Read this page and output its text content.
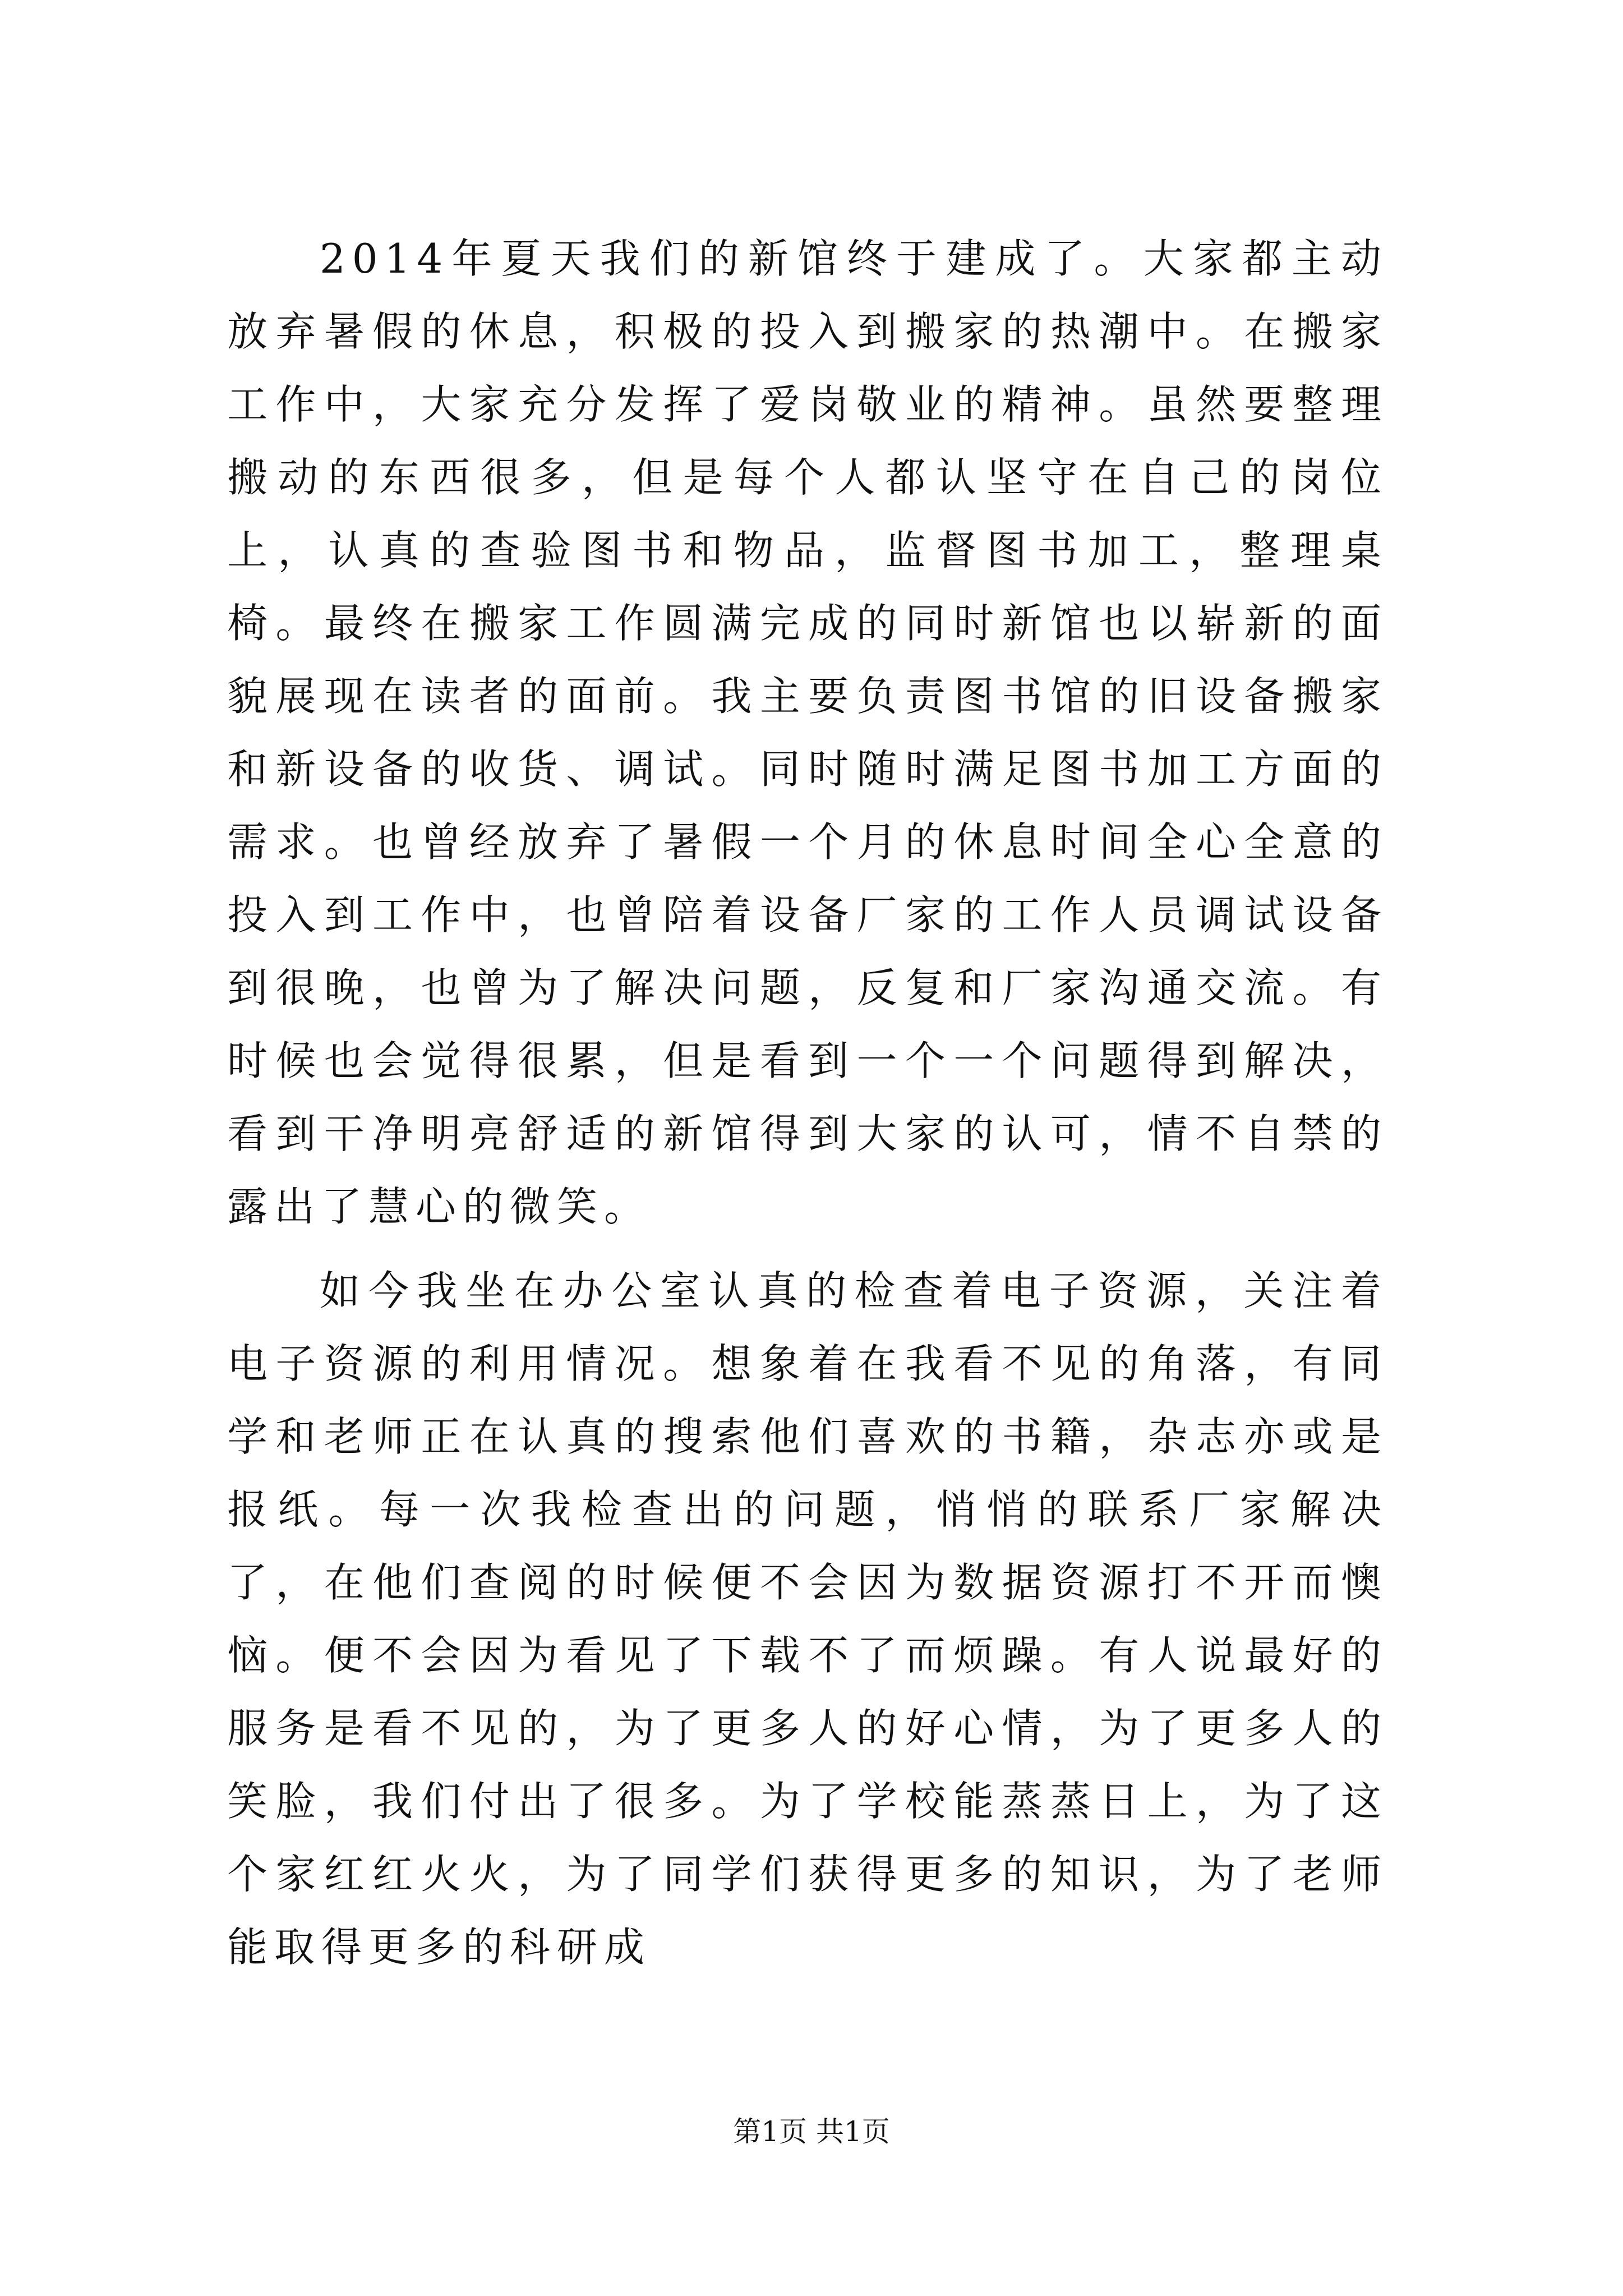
2014年夏天我们的新馆终于建成了。大家都主动放弃暑假的休息，积极的投入到搬家的热潮中。在搬家工作中，大家充分发挥了爱岗敬业的精神。虽然要整理搬动的东西很多，但是每个人都认坚守在自己的岗位上，认真的查验图书和物品，监督图书加工，整理桌椅。最终在搬家工作圆满完成的同时新馆也以崭新的面貌展现在读者的面前。我主要负责图书馆的旧设备搬家和新设备的收货、调试。同时随时满足图书加工方面的需求。也曾经放弃了暑假一个月的休息时间全心全意的投入到工作中，也曾陪着设备厂家的工作人员调试设备到很晚，也曾为了解决问题，反复和厂家沟通交流。有时候也会觉得很累，但是看到一个一个问题得到解决，看到干净明亮舒适的新馆得到大家的认可，情不自禁的露出了慧心的微笑。

如今我坐在办公室认真的检查着电子资源，关注着电子资源的利用情况。想象着在我看不见的角落，有同学和老师正在认真的搜索他们喜欢的书籍，杂志亦或是报纸。每一次我检查出的问题，悄悄的联系厂家解决了，在他们查阅的时候便不会因为数据资源打不开而懊恼。便不会因为看见了下载不了而烦躁。有人说最好的服务是看不见的，为了更多人的好心情，为了更多人的笑脸，我们付出了很多。为了学校能蒸蒸日上，为了这个家红红火火，为了同学们获得更多的知识，为了老师能取得更多的科研成

第1页 共1页
